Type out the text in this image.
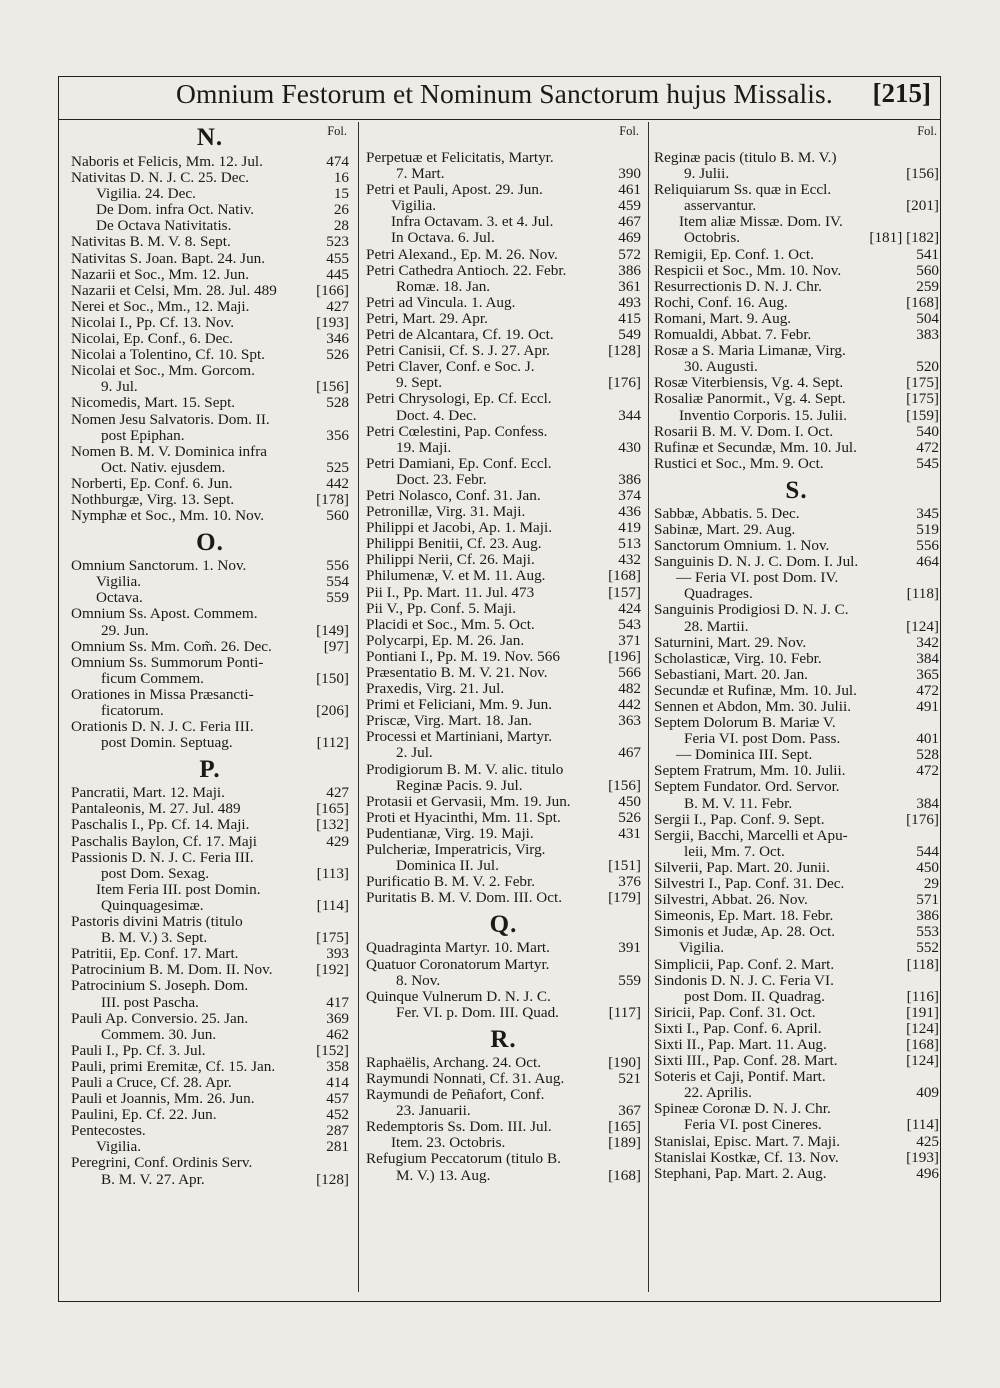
Omnium Festorum et Nominum Sanctorum hujus Missalis. [215]
Fol.
N.
Naboris et Felicis, Mm. 12. Jul.	474
Nativitas D. N. J. C. 25. Dec.	16
Vigilia. 24. Dec.	15
De Dom. infra Oct. Nativ.	26
De Octava Nativitatis.	28
Nativitas B. M. V. 8. Sept.	523
Nativitas S. Joan. Bapt. 24. Jun.	455
Nazarii et Soc., Mm. 12. Jun.	445
Nazarii et Celsi, Mm. 28. Jul. 489	[166]
Nerei et Soc., Mm., 12. Maji.	427
Nicolai I., Pp. Cf. 13. Nov.	[193]
Nicolai, Ep. Conf., 6. Dec.	346
Nicolai a Tolentino, Cf. 10. Spt.	526
Nicolai et Soc., Mm. Gorcom.
9. Jul.	[156]
Nicomedis, Mart. 15. Sept.	528
Nomen Jesu Salvatoris. Dom. II.
post Epiphan.	356
Nomen B. M. V. Dominica infra
Oct. Nativ. ejusdem.	525
Norberti, Ep. Conf. 6. Jun.	442
Nothburgæ, Virg. 13. Sept.	[178]
Nymphæ et Soc., Mm. 10. Nov.	560
O.
Omnium Sanctorum. 1. Nov.	556
Vigilia.	554
Octava.	559
Omnium Ss. Apost. Commem.
29. Jun.	[149]
Omnium Ss. Mm. Com̃. 26. Dec.	[97]
Omnium Ss. Summorum Ponti-
ficum Commem.	[150]
Orationes in Missa Præsancti-
ficatorum.	[206]
Orationis D. N. J. C. Feria III.
post Domin. Septuag.	[112]
P.
Pancratii, Mart. 12. Maji.	427
Pantaleonis, M. 27. Jul. 489	[165]
Paschalis I., Pp. Cf. 14. Maji.	[132]
Paschalis Baylon, Cf. 17. Maji	429
Passionis D. N. J. C. Feria III.
post Dom. Sexag.	[113]
Item Feria III. post Domin.
Quinquagesimæ.	[114]
Pastoris divini Matris (titulo
B. M. V.) 3. Sept.	[175]
Patritii, Ep. Conf. 17. Mart.	393
Patrocinium B. M. Dom. II. Nov.	[192]
Patrocinium S. Joseph. Dom.
III. post Pascha.	417
Pauli Ap. Conversio. 25. Jan.	369
Commem. 30. Jun.	462
Pauli I., Pp. Cf. 3. Jul.	[152]
Pauli, primi Eremitæ, Cf. 15. Jan.	358
Pauli a Cruce, Cf. 28. Apr.	414
Pauli et Joannis, Mm. 26. Jun.	457
Paulini, Ep. Cf. 22. Jun.	452
Pentecostes.	287
Vigilia.	281
Peregrini, Conf. Ordinis Serv.
B. M. V. 27. Apr.	[128]
Fol.
Perpetuæ et Felicitatis, Martyr.
7. Mart.	390
Petri et Pauli, Apost. 29. Jun.	461
Vigilia.	459
Infra Octavam. 3. et 4. Jul.	467
In Octava. 6. Jul.	469
Petri Alexand., Ep. M. 26. Nov.	572
Petri Cathedra Antioch. 22. Febr.	386
Romæ. 18. Jan.	361
Petri ad Vincula. 1. Aug.	493
Petri, Mart. 29. Apr.	415
Petri de Alcantara, Cf. 19. Oct.	549
Petri Canisii, Cf. S. J. 27. Apr.	[128]
Petri Claver, Conf. e Soc. J.
9. Sept.	[176]
Petri Chrysologi, Ep. Cf. Eccl.
Doct. 4. Dec.	344
Petri Cœlestini, Pap. Confess.
19. Maji.	430
Petri Damiani, Ep. Conf. Eccl.
Doct. 23. Febr.	386
Petri Nolasco, Conf. 31. Jan.	374
Petronillæ, Virg. 31. Maji.	436
Philippi et Jacobi, Ap. 1. Maji.	419
Philippi Benitii, Cf. 23. Aug.	513
Philippi Nerii, Cf. 26. Maji.	432
Philumenæ, V. et M. 11. Aug.	[168]
Pii I., Pp. Mart. 11. Jul. 473	[157]
Pii V., Pp. Conf. 5. Maji.	424
Placidi et Soc., Mm. 5. Oct.	543
Polycarpi, Ep. M. 26. Jan.	371
Pontiani I., Pp. M. 19. Nov. 566	[196]
Præsentatio B. M. V. 21. Nov.	566
Praxedis, Virg. 21. Jul.	482
Primi et Feliciani, Mm. 9. Jun.	442
Priscæ, Virg. Mart. 18. Jan.	363
Processi et Martiniani, Martyr.
2. Jul.	467
Prodigiorum B. M. V. alic. titulo
Reginæ Pacis. 9. Jul.	[156]
Protasii et Gervasii, Mm. 19. Jun.	450
Proti et Hyacinthi, Mm. 11. Spt.	526
Pudentianæ, Virg. 19. Maji.	431
Pulcheriæ, Imperatricis, Virg.
Dominica II. Jul.	[151]
Purificatio B. M. V. 2. Febr.	376
Puritatis B. M. V. Dom. III. Oct.	[179]
Q.
Quadraginta Martyr. 10. Mart.	391
Quatuor Coronatorum Martyr.
8. Nov.	559
Quinque Vulnerum D. N. J. C.
Fer. VI. p. Dom. III. Quad.	[117]
R.
Raphaëlis, Archang. 24. Oct.	[190]
Raymundi Nonnati, Cf. 31. Aug.	521
Raymundi de Peñafort, Conf.
23. Januarii.	367
Redemptoris Ss. Dom. III. Jul.	[165]
Item. 23. Octobris.	[189]
Refugium Peccatorum (titulo B.
M. V.) 13. Aug.	[168]
Fol.
Reginæ pacis (titulo B. M. V.)
9. Julii.	[156]
Reliquiarum Ss. quæ in Eccl.
asservantur.	[201]
Item aliæ Missæ. Dom. IV.
Octobris.	[181] [182]
Remigii, Ep. Conf. 1. Oct.	541
Respicii et Soc., Mm. 10. Nov.	560
Resurrectionis D. N. J. Chr.	259
Rochi, Conf. 16. Aug.	[168]
Romani, Mart. 9. Aug.	504
Romualdi, Abbat. 7. Febr.	383
Rosæ a S. Maria Limanæ, Virg.
30. Augusti.	520
Rosæ Viterbiensis, Vg. 4. Sept.	[175]
Rosaliæ Panormit., Vg. 4. Sept.	[175]
Inventio Corporis. 15. Julii.	[159]
Rosarii B. M. V. Dom. I. Oct.	540
Rufinæ et Secundæ, Mm. 10. Jul.	472
Rustici et Soc., Mm. 9. Oct.	545
S.
Sabbæ, Abbatis. 5. Dec.	345
Sabinæ, Mart. 29. Aug.	519
Sanctorum Omnium. 1. Nov.	556
Sanguinis D. N. J. C. Dom. I. Jul.	464
— Feria VI. post Dom. IV.
Quadrages.	[118]
Sanguinis Prodigiosi D. N. J. C.
28. Martii.	[124]
Saturnini, Mart. 29. Nov.	342
Scholasticæ, Virg. 10. Febr.	384
Sebastiani, Mart. 20. Jan.	365
Secundæ et Rufinæ, Mm. 10. Jul.	472
Sennen et Abdon, Mm. 30. Julii.	491
Septem Dolorum B. Mariæ V.
Feria VI. post Dom. Pass.	401
— Dominica III. Sept.	528
Septem Fratrum, Mm. 10. Julii.	472
Septem Fundator. Ord. Servor.
B. M. V. 11. Febr.	384
Sergii I., Pap. Conf. 9. Sept.	[176]
Sergii, Bacchi, Marcelli et Apu-
leii, Mm. 7. Oct.	544
Silverii, Pap. Mart. 20. Junii.	450
Silvestri I., Pap. Conf. 31. Dec.	29
Silvestri, Abbat. 26. Nov.	571
Simeonis, Ep. Mart. 18. Febr.	386
Simonis et Judæ, Ap. 28. Oct.	553
Vigilia.	552
Simplicii, Pap. Conf. 2. Mart.	[118]
Sindonis D. N. J. C. Feria VI.
post Dom. II. Quadrag.	[116]
Siricii, Pap. Conf. 31. Oct.	[191]
Sixti I., Pap. Conf. 6. April.	[124]
Sixti II., Pap. Mart. 11. Aug.	[168]
Sixti III., Pap. Conf. 28. Mart.	[124]
Soteris et Caji, Pontif. Mart.
22. Aprilis.	409
Spineæ Coronæ D. N. J. Chr.
Feria VI. post Cineres.	[114]
Stanislai, Episc. Mart. 7. Maji.	425
Stanislai Kostkæ, Cf. 13. Nov.	[193]
Stephani, Pap. Mart. 2. Aug.	496
